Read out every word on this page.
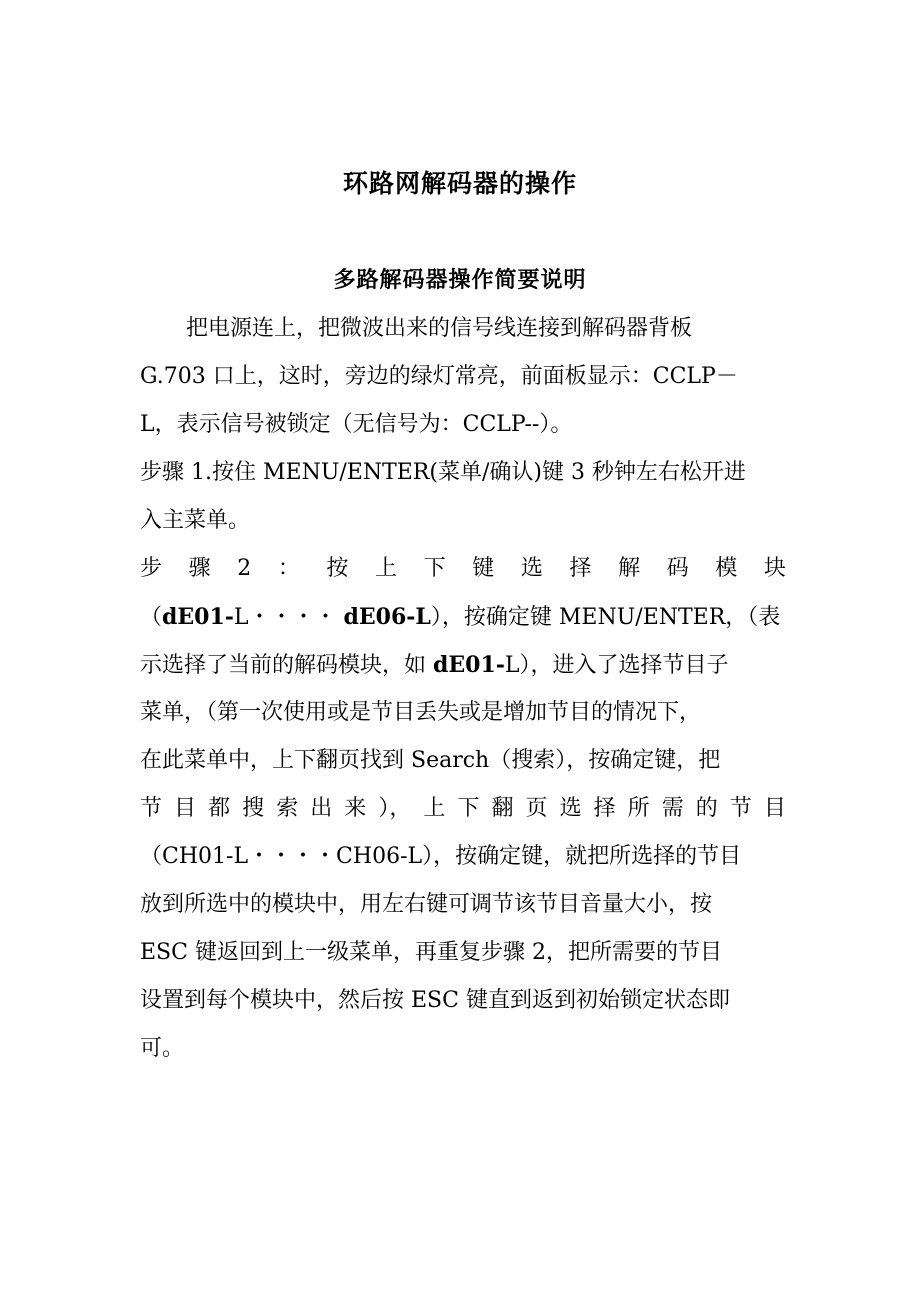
环路网解码器的操作
多路解码器操作简要说明
把电源连上，把微波出来的信号线连接到解码器背板
G.703 口上，这时，旁边的绿灯常亮，前面板显示：CCLP－
L，表示信号被锁定（无信号为：CCLP--）。
步骤 1.按住 MENU/ENTER(菜单/确认)键 3 秒钟左右松开进
入主菜单。
步 骤 2 ： 按 上 下 键 选 择 解 码 模 块
（dE01-L・・・・ dE06-L），按确定键 MENU/ENTER，（表
示选择了当前的解码模块，如 dE01-L），进入了选择节目子
菜单，（第一次使用或是节目丢失或是增加节目的情况下，
在此菜单中，上下翻页找到 Search（搜索），按确定键，把
节 目 都 搜 索 出 来 ）， 上 下 翻 页 选 择 所 需 的 节 目
（CH01-L・・・・CH06-L），按确定键，就把所选择的节目
放到所选中的模块中，用左右键可调节该节目音量大小，按
ESC 键返回到上一级菜单，再重复步骤 2，把所需要的节目
设置到每个模块中，然后按 ESC 键直到返到初始锁定状态即
可。
